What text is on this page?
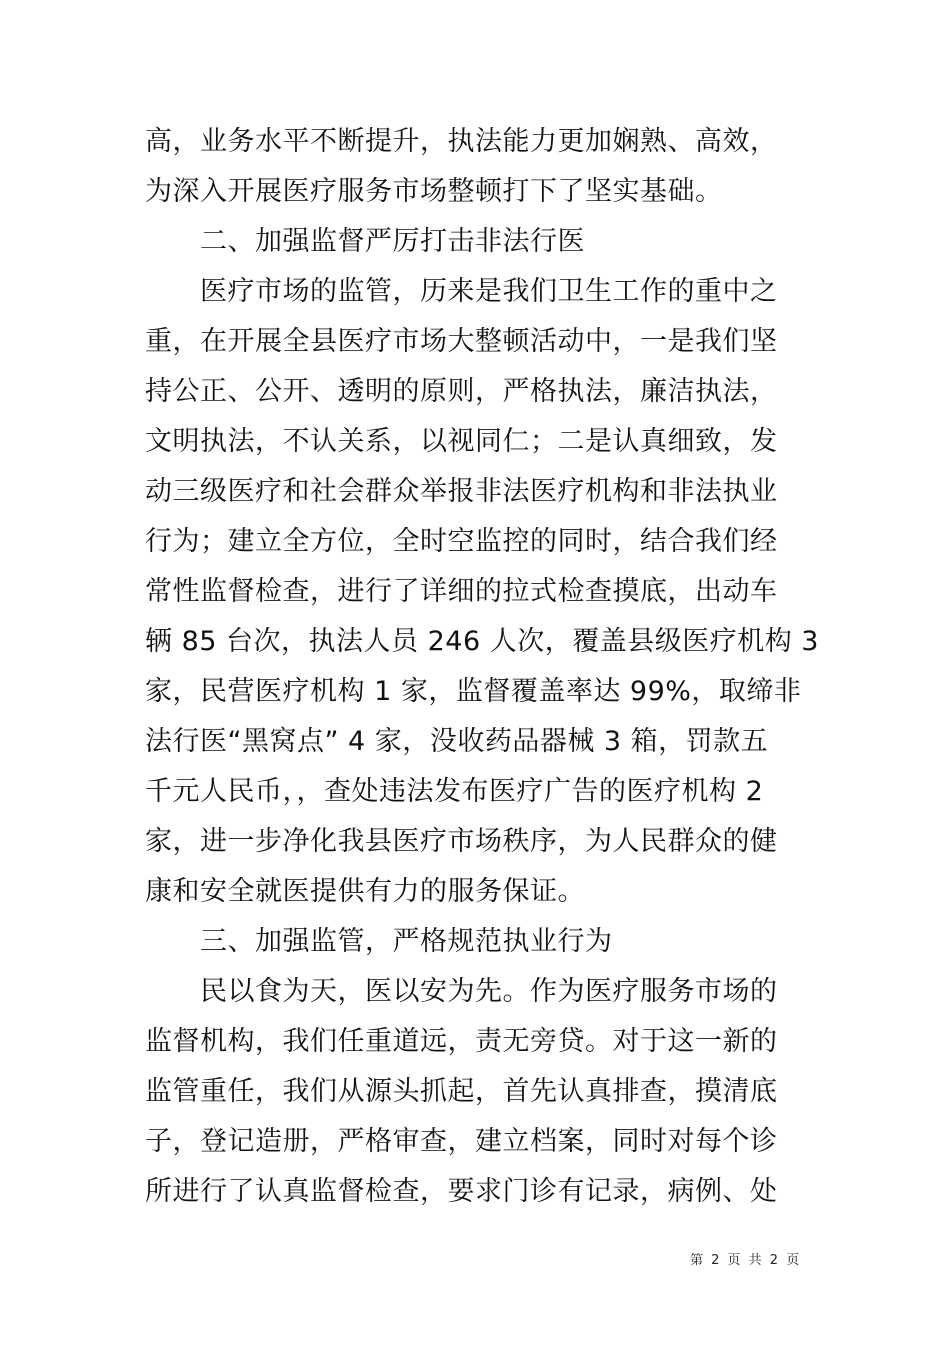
高，业务水平不断提升，执法能力更加娴熟、高效，
为深入开展医疗服务市场整顿打下了坚实基础。
二、加强监督严厉打击非法行医
医疗市场的监管，历来是我们卫生工作的重中之
重，在开展全县医疗市场大整顿活动中，一是我们坚
持公正、公开、透明的原则，严格执法，廉洁执法，
文明执法，不认关系，以视同仁；二是认真细致，发
动三级医疗和社会群众举报非法医疗机构和非法执业
行为；建立全方位，全时空监控的同时，结合我们经
常性监督检查，进行了详细的拉式检查摸底，出动车
辆 85 台次，执法人员 246 人次，覆盖县级医疗机构 3
家，民营医疗机构 1 家，监督覆盖率达 99%，取缔非
法行医“黑窝点” 4 家，没收药品器械 3 箱，罚款五
千元人民币，，查处违法发布医疗广告的医疗机构 2
家，进一步净化我县医疗市场秩序，为人民群众的健
康和安全就医提供有力的服务保证。
三、加强监管，严格规范执业行为
民以食为天，医以安为先。作为医疗服务市场的
监督机构，我们任重道远，责无旁贷。对于这一新的
监管重任，我们从源头抓起，首先认真排查，摸清底
子，登记造册，严格审查，建立档案，同时对每个诊
所进行了认真监督检查，要求门诊有记录，病例、处
第 2 页 共 2 页
